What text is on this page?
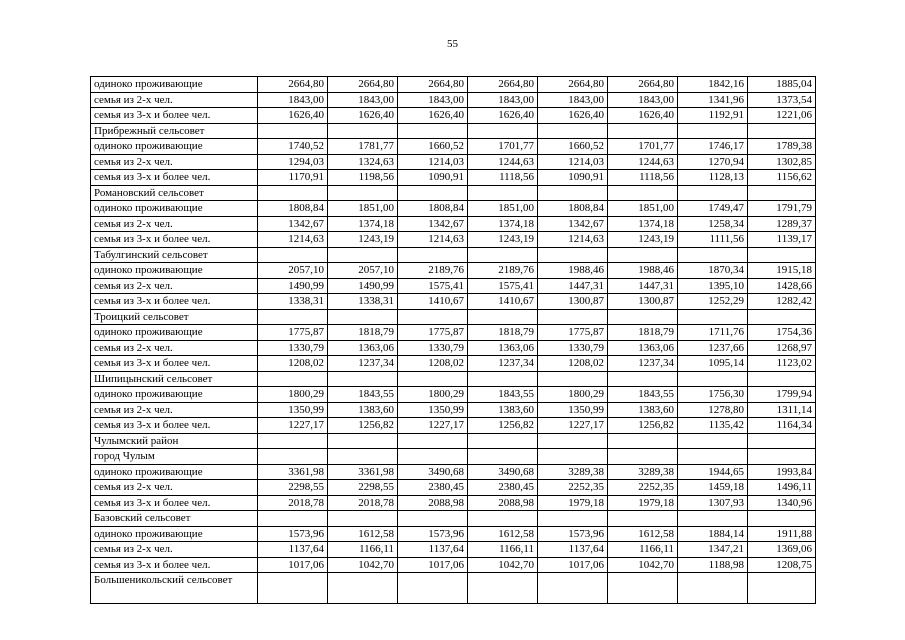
55
одиноко проживающие	2664,80	2664,80	2664,80	2664,80	2664,80	2664,80	1842,16	1885,04
семья из 2-х чел.	1843,00	1843,00	1843,00	1843,00	1843,00	1843,00	1341,96	1373,54
семья из 3-х и более чел.	1626,40	1626,40	1626,40	1626,40	1626,40	1626,40	1192,91	1221,06
Прибрежный сельсовет								
одиноко проживающие	1740,52	1781,77	1660,52	1701,77	1660,52	1701,77	1746,17	1789,38
семья из 2-х чел.	1294,03	1324,63	1214,03	1244,63	1214,03	1244,63	1270,94	1302,85
семья из 3-х и более чел.	1170,91	1198,56	1090,91	1118,56	1090,91	1118,56	1128,13	1156,62
Романовский сельсовет								
одиноко проживающие	1808,84	1851,00	1808,84	1851,00	1808,84	1851,00	1749,47	1791,79
семья из 2-х чел.	1342,67	1374,18	1342,67	1374,18	1342,67	1374,18	1258,34	1289,37
семья из 3-х и более чел.	1214,63	1243,19	1214,63	1243,19	1214,63	1243,19	1111,56	1139,17
Табулгинский сельсовет								
одиноко проживающие	2057,10	2057,10	2189,76	2189,76	1988,46	1988,46	1870,34	1915,18
семья из 2-х чел.	1490,99	1490,99	1575,41	1575,41	1447,31	1447,31	1395,10	1428,66
семья из 3-х и более чел.	1338,31	1338,31	1410,67	1410,67	1300,87	1300,87	1252,29	1282,42
Троицкий сельсовет								
одиноко проживающие	1775,87	1818,79	1775,87	1818,79	1775,87	1818,79	1711,76	1754,36
семья из 2-х чел.	1330,79	1363,06	1330,79	1363,06	1330,79	1363,06	1237,66	1268,97
семья из 3-х и более чел.	1208,02	1237,34	1208,02	1237,34	1208,02	1237,34	1095,14	1123,02
Шипицынский сельсовет								
одиноко проживающие	1800,29	1843,55	1800,29	1843,55	1800,29	1843,55	1756,30	1799,94
семья из 2-х чел.	1350,99	1383,60	1350,99	1383,60	1350,99	1383,60	1278,80	1311,14
семья из 3-х и более чел.	1227,17	1256,82	1227,17	1256,82	1227,17	1256,82	1135,42	1164,34
Чулымский район								
город Чулым								
одиноко проживающие	3361,98	3361,98	3490,68	3490,68	3289,38	3289,38	1944,65	1993,84
семья из 2-х чел.	2298,55	2298,55	2380,45	2380,45	2252,35	2252,35	1459,18	1496,11
семья из 3-х и более чел.	2018,78	2018,78	2088,98	2088,98	1979,18	1979,18	1307,93	1340,96
Базовский сельсовет								
одиноко проживающие	1573,96	1612,58	1573,96	1612,58	1573,96	1612,58	1884,14	1911,88
семья из 2-х чел.	1137,64	1166,11	1137,64	1166,11	1137,64	1166,11	1347,21	1369,06
семья из 3-х и более чел.	1017,06	1042,70	1017,06	1042,70	1017,06	1042,70	1188,98	1208,75
Большеникольский сельсовет								
